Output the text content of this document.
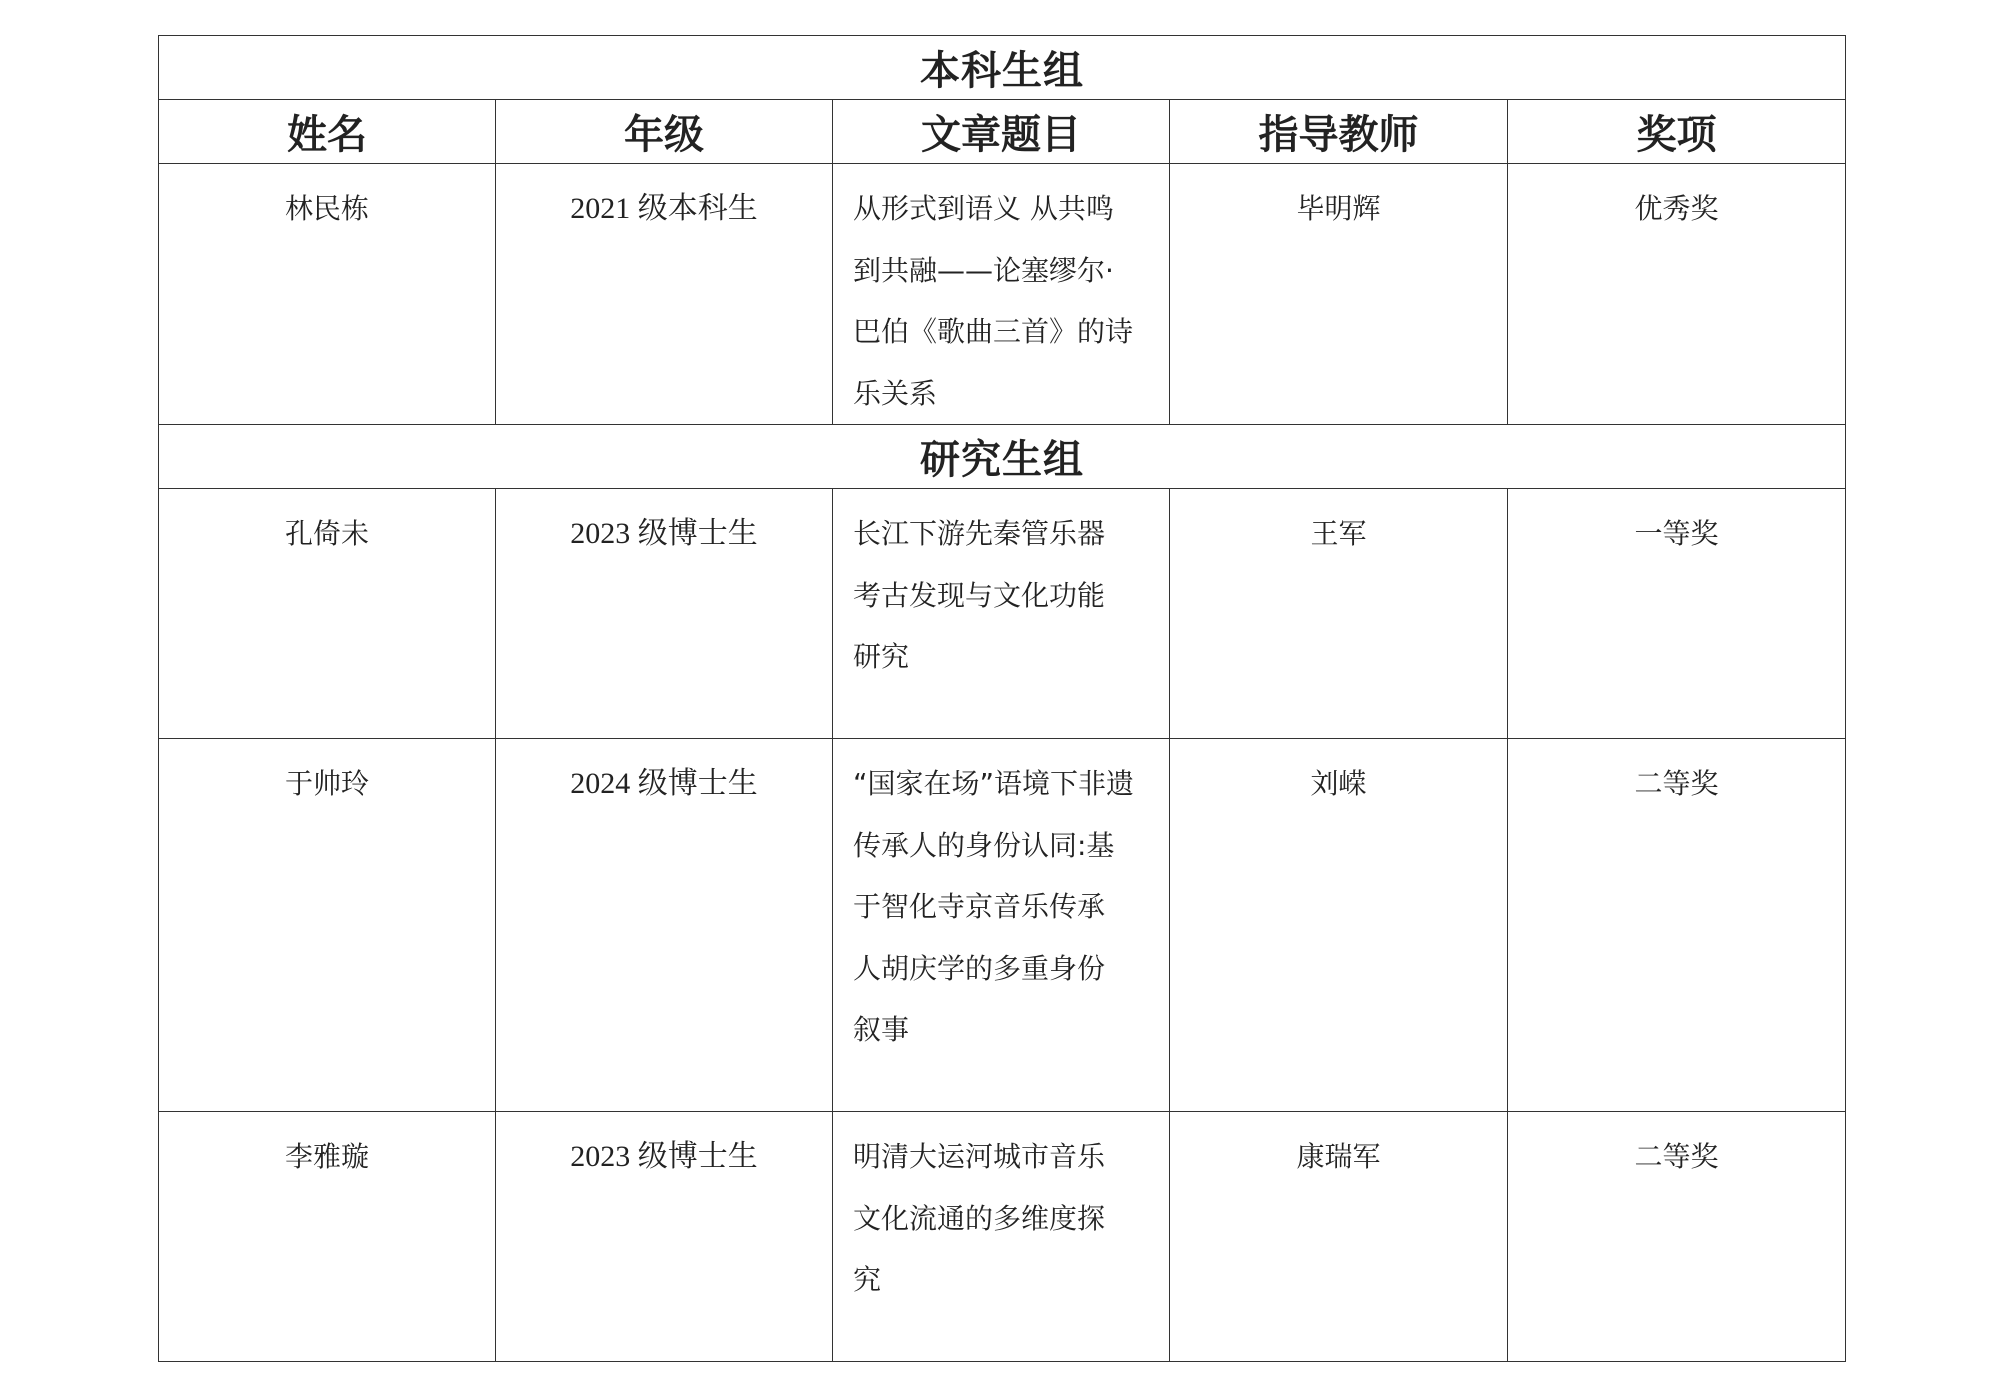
本科生组				
姓名	年级	文章题目	指导教师	奖项
林民栋	2021 级本科生	从形式到语义 从共鸣
到共融——论塞缪尔·
巴伯《歌曲三首》的诗
乐关系	毕明辉	优秀奖
研究生组				
孔倚未	2023 级博士生	长江下游先秦管乐器
考古发现与文化功能
研究	王军	一等奖
于帅玲	2024 级博士生	“国家在场”语境下非遗
传承人的身份认同:基
于智化寺京音乐传承
人胡庆学的多重身份
叙事	刘嵘	二等奖
李雅璇	2023 级博士生	明清大运河城市音乐
文化流通的多维度探
究	康瑞军	二等奖
